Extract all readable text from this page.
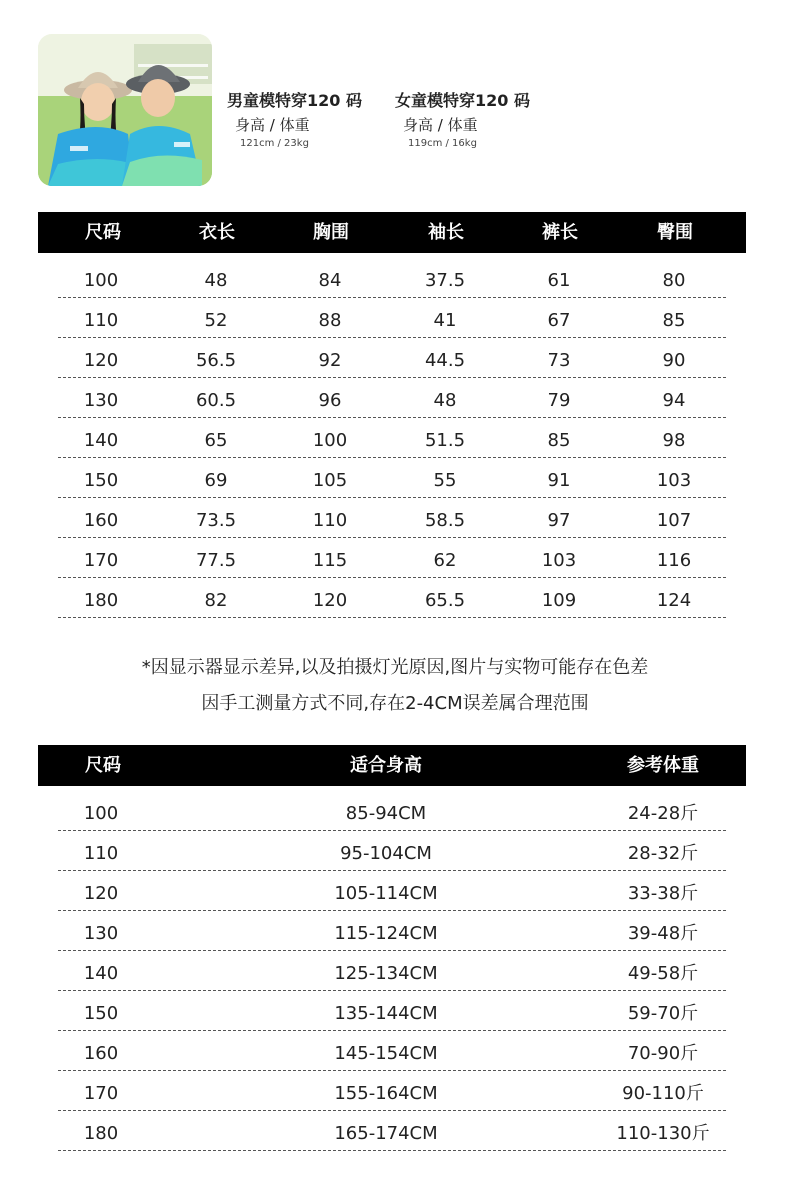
男童模特穿120 码
身高 / 体重
121cm / 23kg
女童模特穿120 码
身高 / 体重
119cm / 16kg
尺码	衣长	胸围	袖长	裤长	臀围
100	48	84	37.5	61	80
110	52	88	41	67	85
120	56.5	92	44.5	73	90
130	60.5	96	48	79	94
140	65	100	51.5	85	98
150	69	105	55	91	103
160	73.5	110	58.5	97	107
170	77.5	115	62	103	116
180	82	120	65.5	109	124
*因显示器显示差异,以及拍摄灯光原因,图片与实物可能存在色差
因手工测量方式不同,存在2-4CM误差属合理范围
尺码	适合身高	参考体重
100	85-94CM	24-28斤
110	95-104CM	28-32斤
120	105-114CM	33-38斤
130	115-124CM	39-48斤
140	125-134CM	49-58斤
150	135-144CM	59-70斤
160	145-154CM	70-90斤
170	155-164CM	90-110斤
180	165-174CM	110-130斤
